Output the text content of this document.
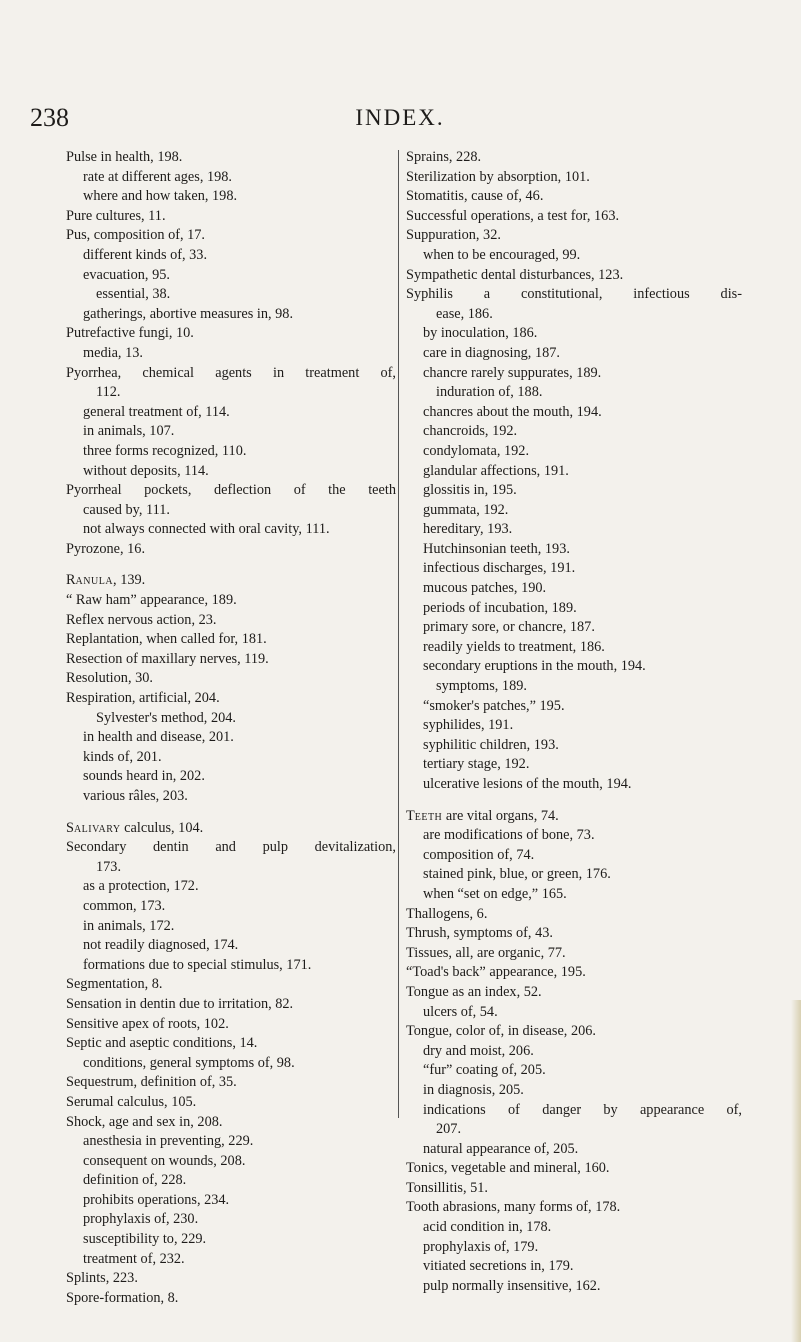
238	INDEX.
Pulse in health, 198.
rate at different ages, 198.
where and how taken, 198.
Pure cultures, 11.
Pus, composition of, 17.
different kinds of, 33.
evacuation, 95.
essential, 38.
gatherings, abortive measures in, 98.
Putrefactive fungi, 10.
media, 13.
Pyorrhea, chemical agents in treatment of,
112.
general treatment of, 114.
in animals, 107.
three forms recognized, 110.
without deposits, 114.
Pyorrheal pockets, deflection of the teeth
caused by, 111.
not always connected with oral cavity, 111.
Pyrozone, 16.
Ranula, 139.
“ Raw ham” appearance, 189.
Reflex nervous action, 23.
Replantation, when called for, 181.
Resection of maxillary nerves, 119.
Resolution, 30.
Respiration, artificial, 204.
Sylvester's method, 204.
in health and disease, 201.
kinds of, 201.
sounds heard in, 202.
various râles, 203.
Salivary calculus, 104.
Secondary dentin and pulp devitalization,
173.
as a protection, 172.
common, 173.
in animals, 172.
not readily diagnosed, 174.
formations due to special stimulus, 171.
Segmentation, 8.
Sensation in dentin due to irritation, 82.
Sensitive apex of roots, 102.
Septic and aseptic conditions, 14.
conditions, general symptoms of, 98.
Sequestrum, definition of, 35.
Serumal calculus, 105.
Shock, age and sex in, 208.
anesthesia in preventing, 229.
consequent on wounds, 208.
definition of, 228.
prohibits operations, 234.
prophylaxis of, 230.
susceptibility to, 229.
treatment of, 232.
Splints, 223.
Spore-formation, 8.
Sprains, 228.
Sterilization by absorption, 101.
Stomatitis, cause of, 46.
Successful operations, a test for, 163.
Suppuration, 32.
when to be encouraged, 99.
Sympathetic dental disturbances, 123.
Syphilis a constitutional, infectious dis-
ease, 186.
by inoculation, 186.
care in diagnosing, 187.
chancre rarely suppurates, 189.
induration of, 188.
chancres about the mouth, 194.
chancroids, 192.
condylomata, 192.
glandular affections, 191.
glossitis in, 195.
gummata, 192.
hereditary, 193.
Hutchinsonian teeth, 193.
infectious discharges, 191.
mucous patches, 190.
periods of incubation, 189.
primary sore, or chancre, 187.
readily yields to treatment, 186.
secondary eruptions in the mouth, 194.
symptoms, 189.
“smoker's patches,” 195.
syphilides, 191.
syphilitic children, 193.
tertiary stage, 192.
ulcerative lesions of the mouth, 194.
Teeth are vital organs, 74.
are modifications of bone, 73.
composition of, 74.
stained pink, blue, or green, 176.
when “set on edge,” 165.
Thallogens, 6.
Thrush, symptoms of, 43.
Tissues, all, are organic, 77.
“Toad's back” appearance, 195.
Tongue as an index, 52.
ulcers of, 54.
Tongue, color of, in disease, 206.
dry and moist, 206.
“fur” coating of, 205.
in diagnosis, 205.
indications of danger by appearance of,
207.
natural appearance of, 205.
Tonics, vegetable and mineral, 160.
Tonsillitis, 51.
Tooth abrasions, many forms of, 178.
acid condition in, 178.
prophylaxis of, 179.
vitiated secretions in, 179.
pulp normally insensitive, 162.
